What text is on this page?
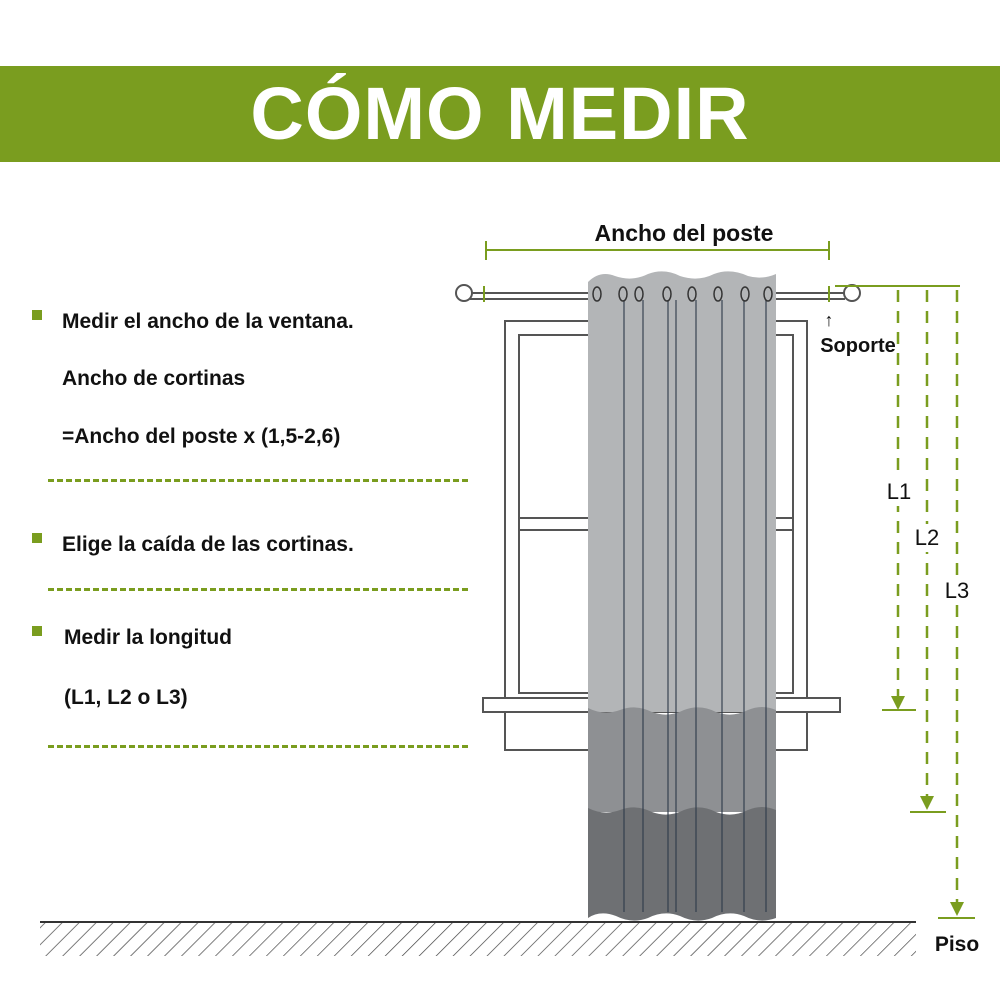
CÓMO MEDIR
Medir el ancho de la ventana.
Ancho de cortinas
=Ancho del poste x (1,5-2,6)
Elige la caída de las cortinas.
Medir la longitud
(L1, L2 o L3)
Ancho del poste
↑
Soporte
L1
L2
L3
Piso
